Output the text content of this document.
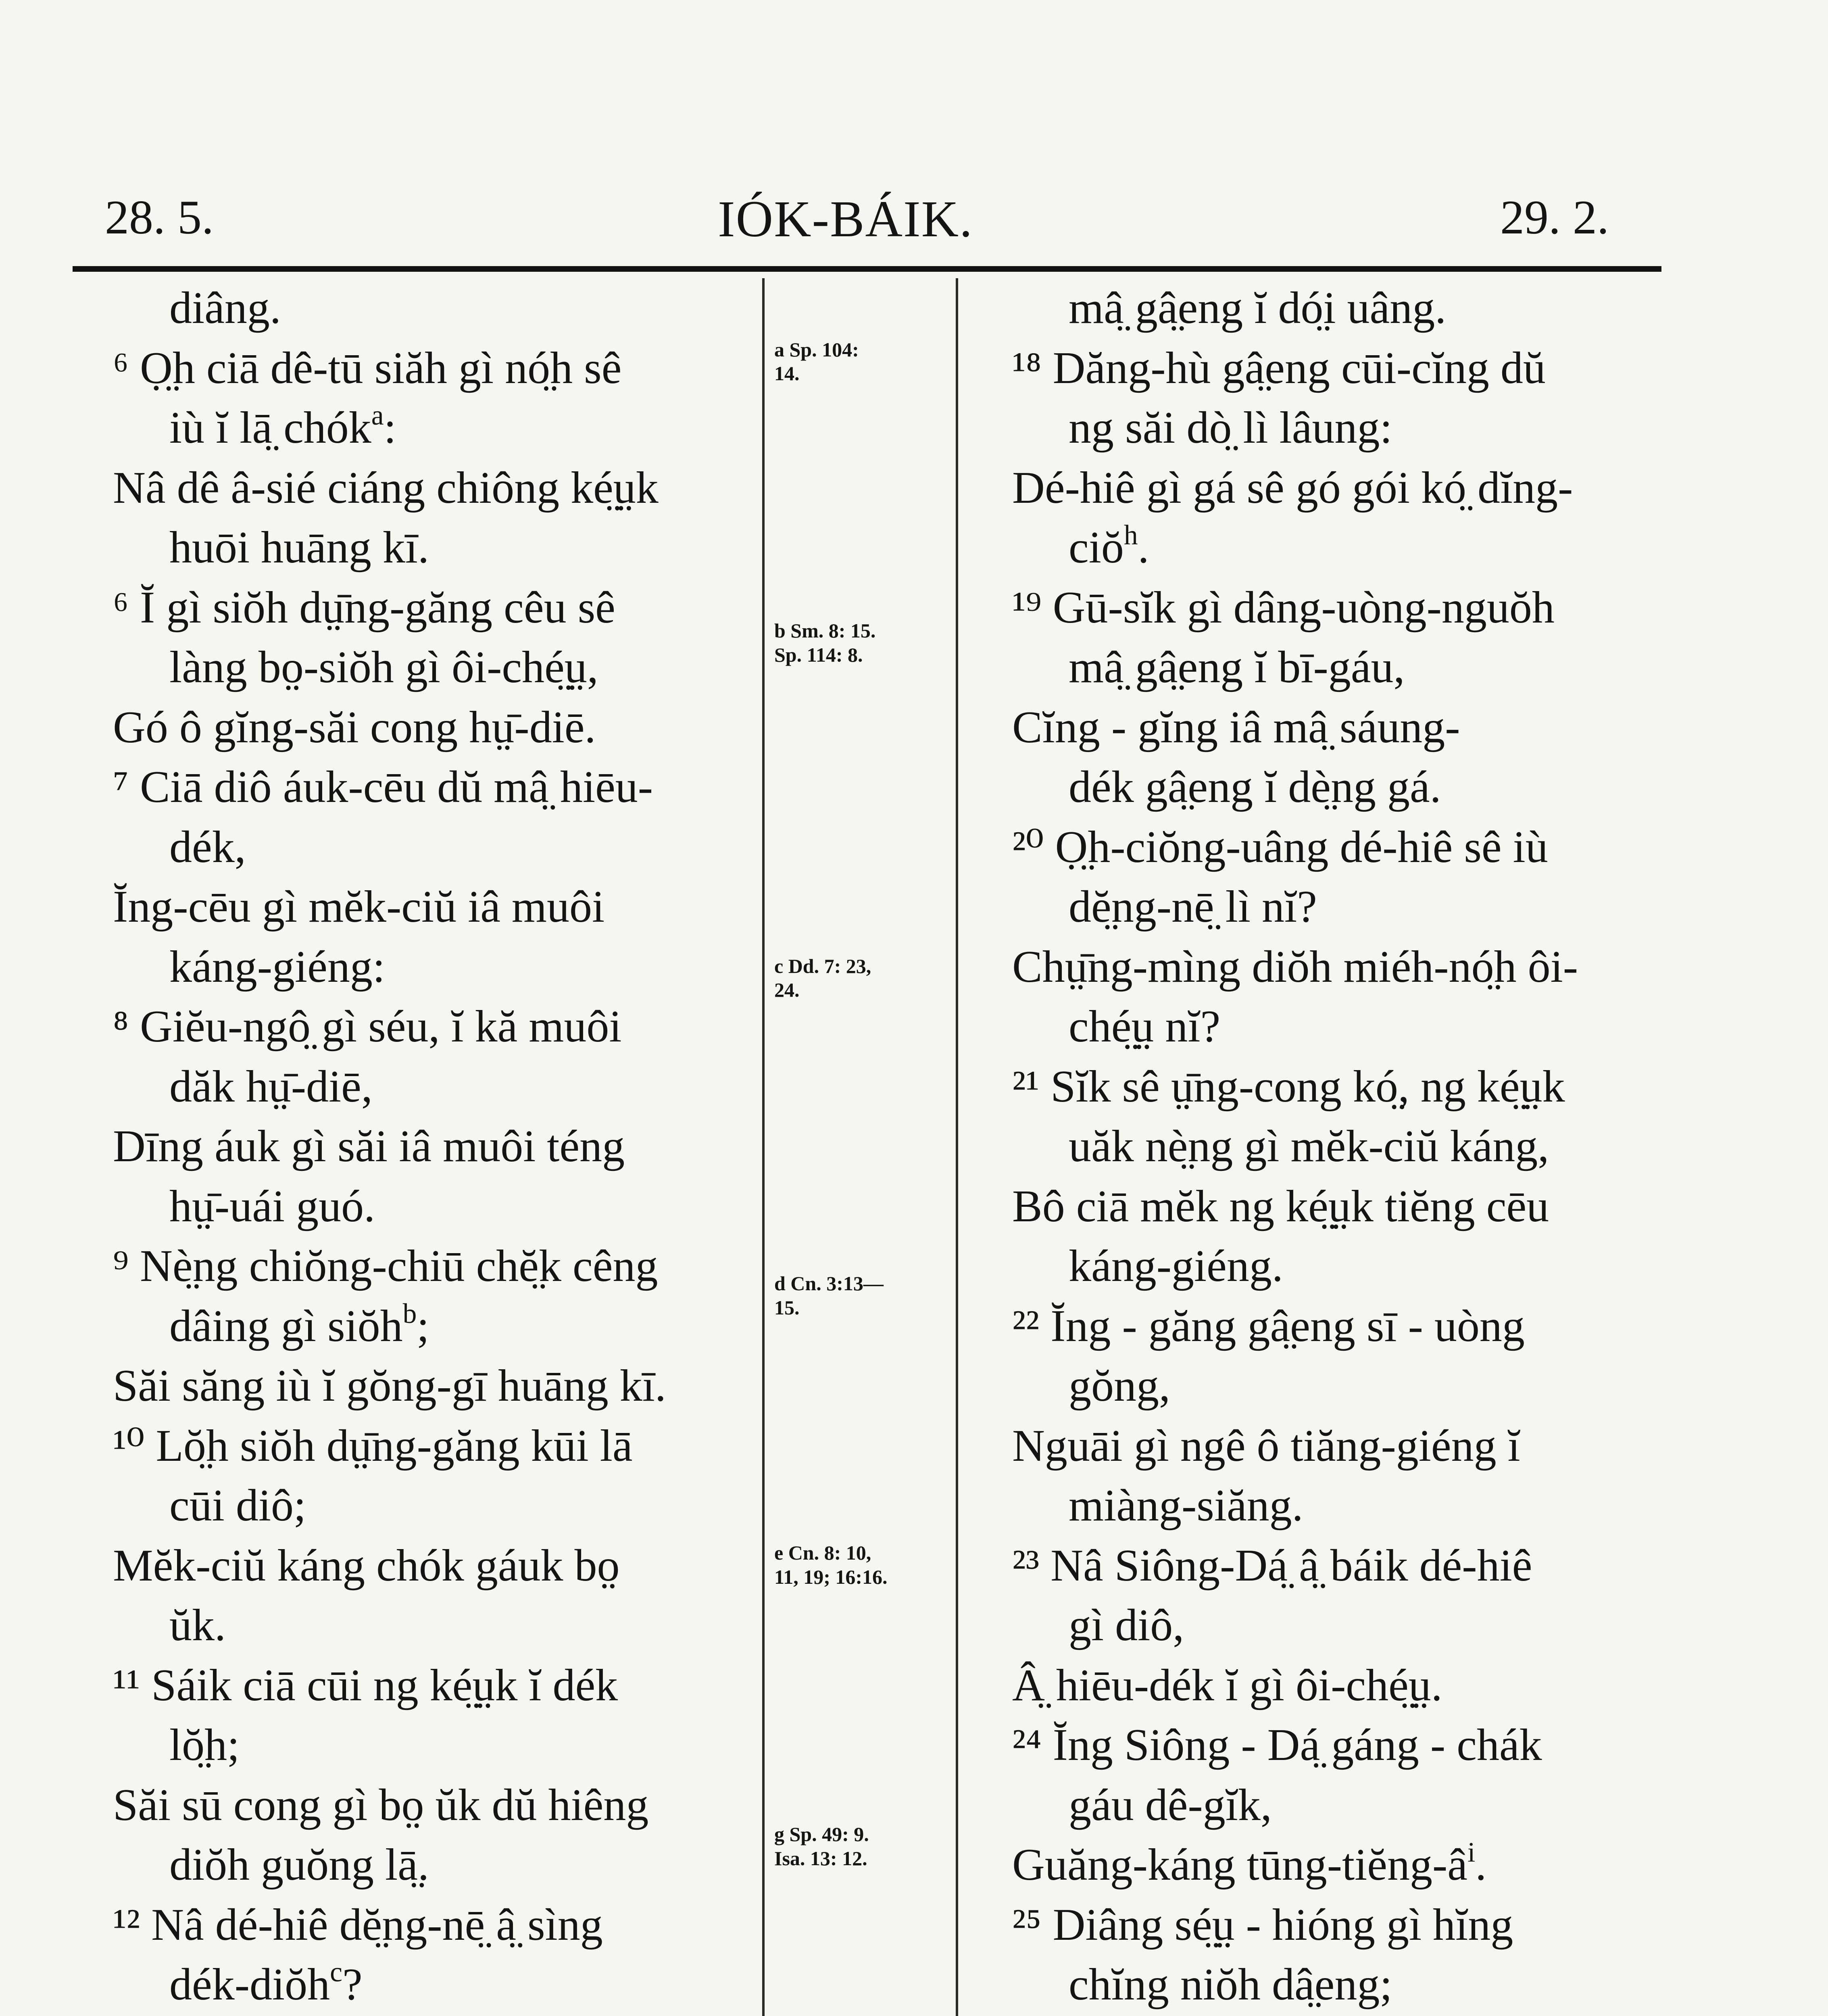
28. 5.	IÓK-BÁIK.	29. 2.
diâng.
⁶ Ọ̤h ciā dê-tū siăh gì nó̤h sê
iù ĭ lā̤ chók$^a$:
Nâ dê â-sié ciáng chiông ké̤ṳk
huōi huāng kī.
⁶ Ĭ gì siŏh dṳ̄ng-găng cêu sê
làng bo̤̤-siŏh gì ôi-ché̤ṳ,
Gó ô gĭng-săi cong hṳ̄-diē.
⁷ Ciā diô áuk-cēu dŭ mâ̤ hiēu-
dék,
Ĭng-cēu gì mĕk-ciŭ iâ muôi
káng-giéng:
⁸ Giĕu-ngô̤ gì séu, ĭ kă muôi
dăk hṳ̄-diē,
Dīng áuk gì săi iâ muôi téng
hṳ̄-uái guó.
⁹ Nè̤ng chiŏng-chiū chĕ̤k cêng
dâing gì siŏh$^b$;
Săi săng iù ĭ gŏng-gī huāng kī.
¹⁰ Lŏ̤h siŏh dṳ̄ng-găng kūi lā
cūi diô;
Mĕk-ciŭ káng chók gáuk bo̤̤
ŭk.
¹¹ Sáik ciā cūi ng ké̤ṳk ĭ dék
lŏ̤h;
Săi sū cong gì bo̤̤ ŭk dŭ hiêng
diŏh guŏng lā̤.
¹² Nâ dé-hiê dĕ̤ng-nē̤ â̤ sìng
dék-diŏh$^c$?
a Sp. 104:
14.
b Sm. 8: 15.
Sp. 114: 8.
c Dd. 7: 23,
24.
d Cn. 3:13—
15.
e Cn. 8: 10,
11, 19; 16:16.
g Sp. 49: 9.
Isa. 13: 12.
mâ̤ gâ̤eng ĭ dó̤i uâng.
¹⁸ Dăng-hù gâ̤eng cūi-cĭng dŭ
ng săi dò̤ lì lâung:
Dé-hiê gì gá sê gó gói kó̤ dĭng-
ciŏ$^h$.
¹⁹ Gū-sĭk gì dâng-uòng-nguŏh
mâ̤ gâ̤eng ĭ bī-gáu,
Cĭng - gĭng iâ mâ̤ sáung-
dék gâ̤eng ĭ dè̤ng gá.
²⁰ Ọ̤h-ciŏng-uâng dé-hiê sê iù
dĕ̤ng-nē̤ lì nĭ?
Chṳ̄ng-mìng diŏh miéh-nó̤h ôi-
ché̤ṳ nĭ?
²¹ Sĭk sê ṳ̄ng-cong kó̤, ng ké̤ṳk
uăk nè̤ng gì mĕk-ciŭ káng,
Bô ciā mĕk ng ké̤ṳk tiĕng cēu
káng-giéng.
²² Ĭng - găng gâ̤eng sī - uòng
gŏng,
Nguāi gì ngê ô tiăng-giéng ĭ
miàng-siăng.
²³ Nâ Siông-Dá̤ â̤ báik dé-hiê
gì diô,
Â̤ hiēu-dék ĭ gì ôi-ché̤ṳ.
²⁴ Ĭng Siông - Dá̤ gáng - chák
gáu dê-gĭk,
Guăng-káng tūng-$tiĕng-â^i$.
²⁵ Diâng sé̤ṳ - hióng gì hĭng
chĭng niŏh dâ̤eng;
